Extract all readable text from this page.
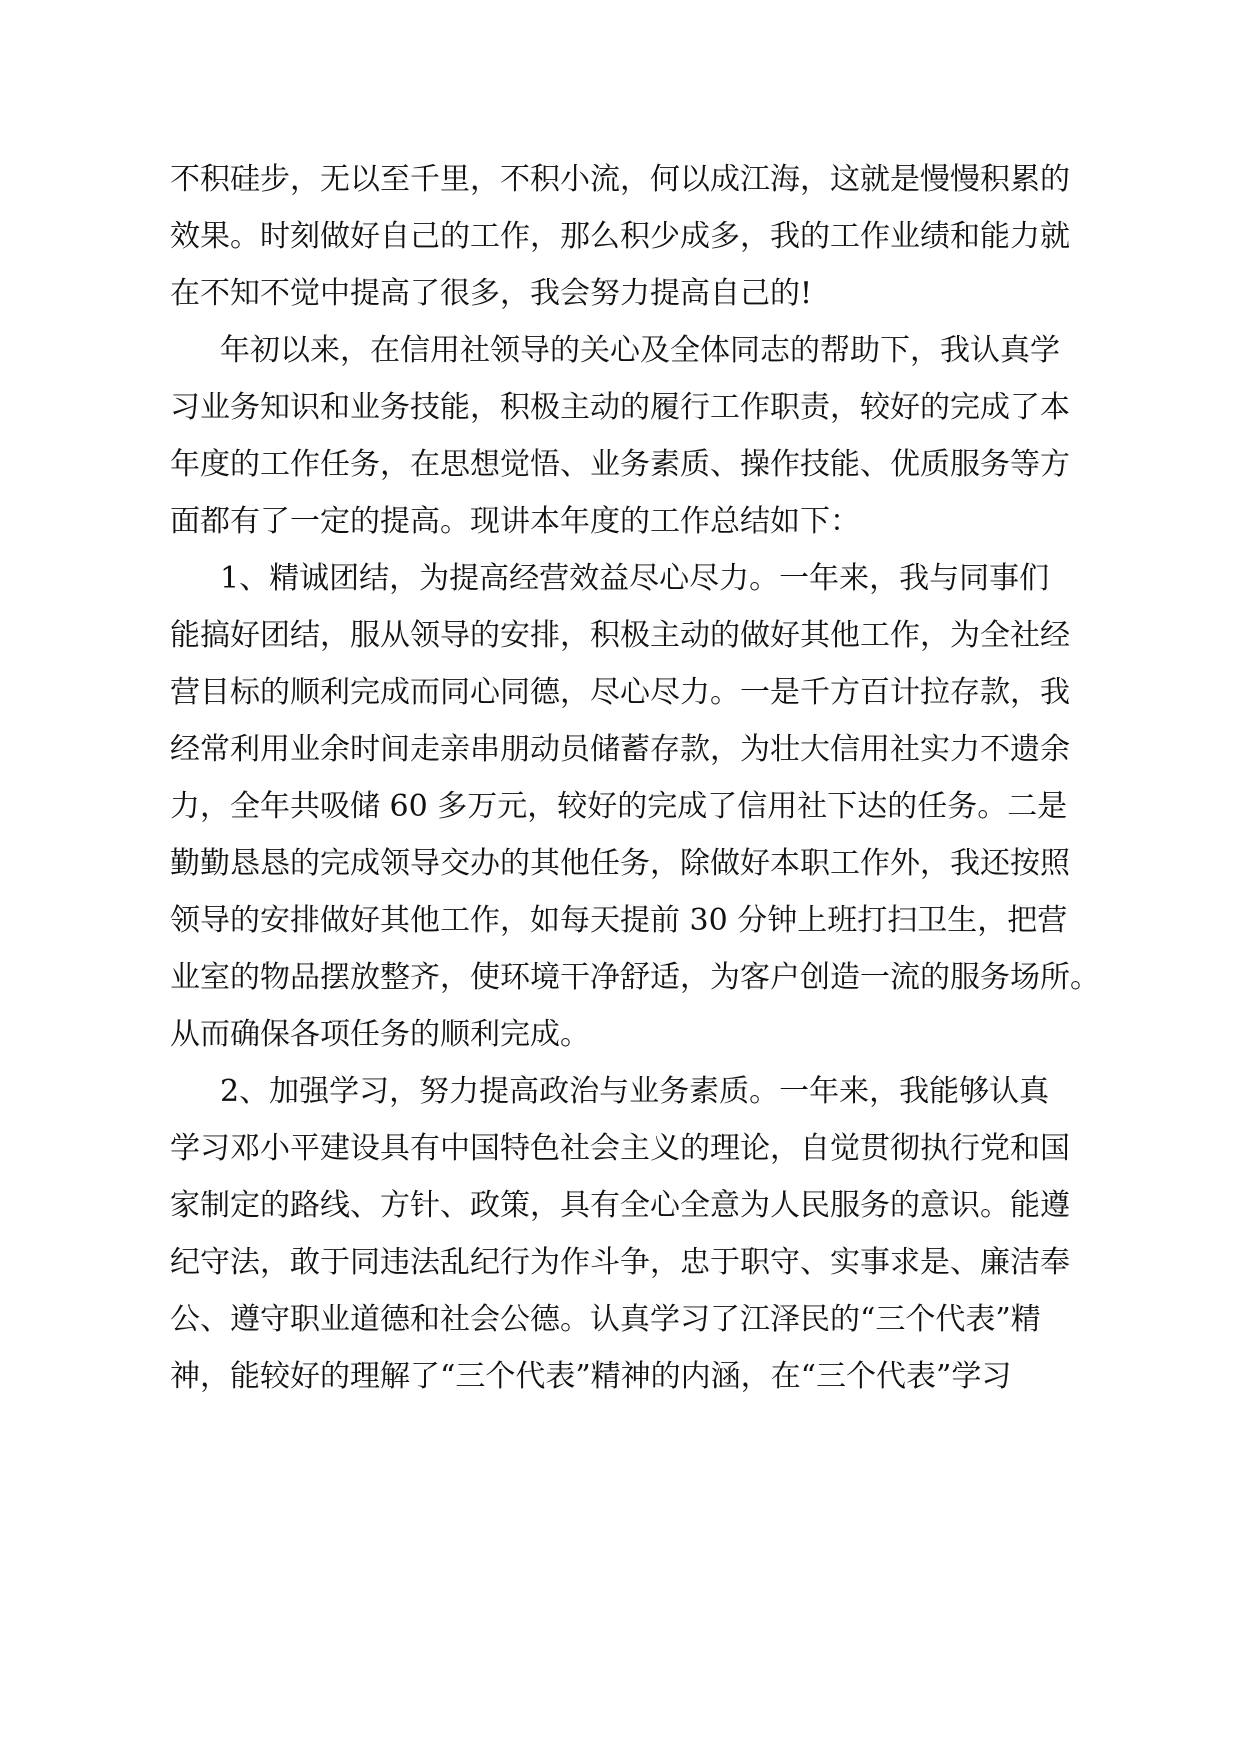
不积硅步，无以至千里，不积小流，何以成江海，这就是慢慢积累的
效果。时刻做好自己的工作，那么积少成多，我的工作业绩和能力就
在不知不觉中提高了很多，我会努力提高自己的!
年初以来，在信用社领导的关心及全体同志的帮助下，我认真学
习业务知识和业务技能，积极主动的履行工作职责，较好的完成了本
年度的工作任务，在思想觉悟、业务素质、操作技能、优质服务等方
面都有了一定的提高。现讲本年度的工作总结如下：
1、精诚团结，为提高经营效益尽心尽力。一年来，我与同事们
能搞好团结，服从领导的安排，积极主动的做好其他工作，为全社经
营目标的顺利完成而同心同德，尽心尽力。一是千方百计拉存款，我
经常利用业余时间走亲串朋动员储蓄存款，为壮大信用社实力不遗余
力，全年共吸储 60 多万元，较好的完成了信用社下达的任务。二是
勤勤恳恳的完成领导交办的其他任务，除做好本职工作外，我还按照
领导的安排做好其他工作，如每天提前 30 分钟上班打扫卫生，把营
业室的物品摆放整齐，使环境干净舒适，为客户创造一流的服务场所。
从而确保各项任务的顺利完成。
2、加强学习，努力提高政治与业务素质。一年来，我能够认真
学习邓小平建设具有中国特色社会主义的理论，自觉贯彻执行党和国
家制定的路线、方针、政策，具有全心全意为人民服务的意识。能遵
纪守法，敢于同违法乱纪行为作斗争，忠于职守、实事求是、廉洁奉
公、遵守职业道德和社会公德。认真学习了江泽民的“三个代表”精
神，能较好的理解了“三个代表”精神的内涵，在“三个代表”学习
